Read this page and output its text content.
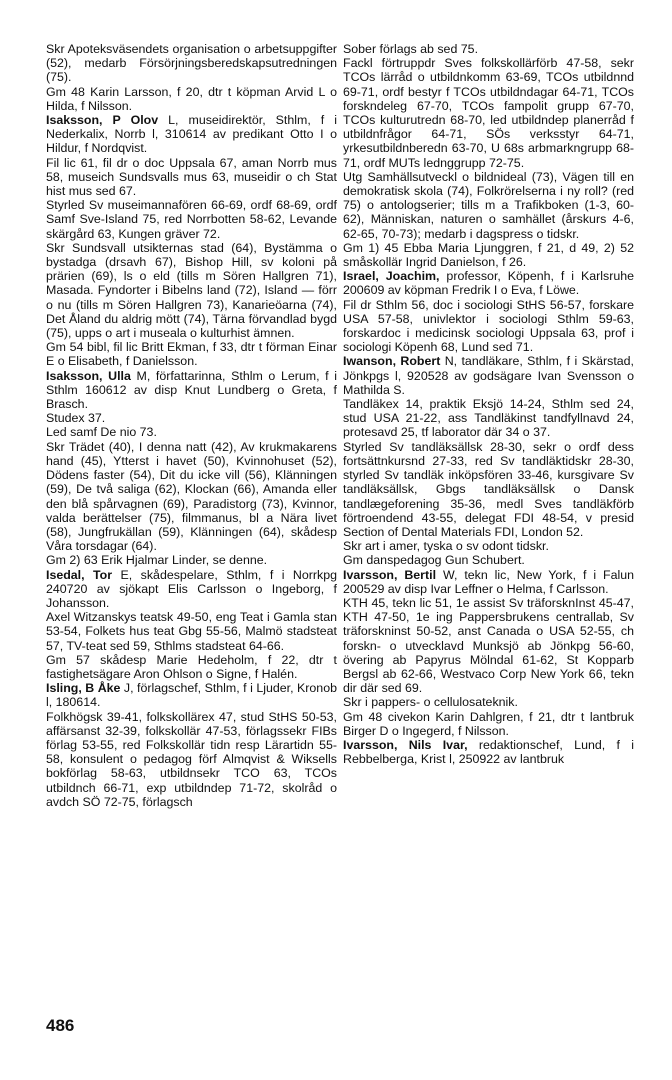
Skr Apoteksväsendets organisation o arbetsuppgifter (52), medarb Försörjningsberedskapsutredningen (75).

Gm 48 Karin Larsson, f 20, dtr t köpman Arvid L o Hilda, f Nilsson.

Isaksson, P Olov L, museidirektör, Sthlm, f i Nederkalix, Norrb l, 310614 av predikant Otto I o Hildur, f Nordqvist.

Fil lic 61, fil dr o doc Uppsala 67, aman Norrb mus 58, museich Sundsvalls mus 63, museidir o ch Stat hist mus sed 67.

Styrled Sv museimannafören 66-69, ordf 68-69, ordf Samf Sve-Island 75, red Norrbotten 58-62, Levande skärgård 63, Kungen gräver 72.

Skr Sundsvall utsikternas stad (64), Bystämma o bystadga (drsavh 67), Bishop Hill, sv koloni på prärien (69), ls o eld (tills m Sören Hallgren 71), Masada. Fyndorter i Bibelns land (72), Island — förr o nu (tills m Sören Hallgren 73), Kanarieöarna (74), Det Åland du aldrig mött (74), Tärna förvandlad bygd (75), upps o art i museala o kulturhist ämnen.

Gm 54 bibl, fil lic Britt Ekman, f 33, dtr t förman Einar E o Elisabeth, f Danielsson.

Isaksson, Ulla M, författarinna, Sthlm o Lerum, f i Sthlm 160612 av disp Knut Lundberg o Greta, f Brasch.

Studex 37.

Led samf De nio 73.

Skr Trädet (40), I denna natt (42), Av krukmakarens hand (45), Ytterst i havet (50), Kvinnohuset (52), Dödens faster (54), Dit du icke vill (56), Klänningen (59), De två saliga (62), Klockan (66), Amanda eller den blå spårvagnen (69), Paradistorg (73), Kvinnor, valda berättelser (75), filmmanus, bl a Nära livet (58), Jungfrukällan (59), Klänningen (64), skådesp Våra torsdagar (64).

Gm 2) 63 Erik Hjalmar Linder, se denne.

Isedal, Tor E, skådespelare, Sthlm, f i Norrkpg 240720 av sjökapt Elis Carlsson o Ingeborg, f Johansson.

Axel Witzanskys teatsk 49-50, eng Teat i Gamla stan 53-54, Folkets hus teat Gbg 55-56, Malmö stadsteat 57, TV-teat sed 59, Sthlms stadsteat 64-66.

Gm 57 skådesp Marie Hedeholm, f 22, dtr t fastighetsägare Aron Ohlson o Signe, f Halén.

Isling, B Åke J, förlagschef, Sthlm, f i Ljuder, Kronob l, 180614.

Folkhögsk 39-41, folkskollärex 47, stud StHS 50-53, affärsanst 32-39, folkskollär 47-53, förlagssekr FIBs förlag 53-55, red Folkskollär tidn resp Lärartidn 55-58, konsulent o pedagog förf Almqvist & Wiksells bokförlag 58-63, utbildnsekr TCO 63, TCOs utbildnch 66-71, exp utbildndep 71-72, skolråd o avdch SÖ 72-75, förlagsch

Sober förlags ab sed 75.

Fackl förtruppdr Sves folkskollärförb 47-58, sekr TCOs lärråd o utbildnkomm 63-69, TCOs utbildnnd 69-71, ordf bestyr f TCOs utbildndagar 64-71, TCOs forskndeleg 67-70, TCOs fampolit grupp 67-70, TCOs kulturutredn 68-70, led utbildndep planerråd f utbildnfrågor 64-71, SÖs verksstyr 64-71, yrkesutbildnberedn 63-70, U 68s arbmarkngrupp 68-71, ordf MUTs lednggrupp 72-75.

Utg Samhällsutveckl o bildnideal (73), Vägen till en demokratisk skola (74), Folkrörelserna i ny roll? (red 75) o antologserier; tills m a Trafikboken (1-3, 60-62), Människan, naturen o samhället (årskurs 4-6, 62-65, 70-73); medarb i dagspress o tidskr.

Gm 1) 45 Ebba Maria Ljunggren, f 21, d 49, 2) 52 småskollär Ingrid Danielson, f 26.

Israel, Joachim, professor, Köpenh, f i Karlsruhe 200609 av köpman Fredrik I o Eva, f Löwe.

Fil dr Sthlm 56, doc i sociologi StHS 56-57, forskare USA 57-58, univlektor i sociologi Sthlm 59-63, forskardoc i medicinsk sociologi Uppsala 63, prof i sociologi Köpenh 68, Lund sed 71.

Iwanson, Robert N, tandläkare, Sthlm, f i Skärstad, Jönkpgs l, 920528 av godsägare Ivan Svensson o Mathilda S.

Tandläkex 14, praktik Eksjö 14-24, Sthlm sed 24, stud USA 21-22, ass Tandläkinst tandfyllnavd 24, protesavd 25, tf laborator där 34 o 37.

Styrled Sv tandläksällsk 28-30, sekr o ordf dess fortsättnkursnd 27-33, red Sv tandläktidskr 28-30, styrled Sv tandläk inköpsfören 33-46, kursgivare Sv tandläksällsk, Gbgs tandläksällsk o Dansk tandlægeforening 35-36, medl Sves tandläkförb förtroendend 43-55, delegat FDI 48-54, v presid Section of Dental Materials FDI, London 52.

Skr art i amer, tyska o sv odont tidskr.

Gm danspedagog Gun Schubert.

Ivarsson, Bertil W, tekn lic, New York, f i Falun 200529 av disp Ivar Leffner o Helma, f Carlsson.

KTH 45, tekn lic 51, 1e assist Sv träforsknInst 45-47, KTH 47-50, 1e ing Pappersbrukens centrallab, Sv träforskninst 50-52, anst Canada o USA 52-55, ch forskn- o utvecklavd Munksjö ab Jönkpg 56-60, övering ab Papyrus Mölndal 61-62, St Kopparb Bergsl ab 62-66, Westvaco Corp New York 66, tekn dir där sed 69.

Skr i pappers- o cellulosateknik.

Gm 48 civekon Karin Dahlgren, f 21, dtr t lantbruk Birger D o Ingegerd, f Nilsson.

Ivarsson, Nils Ivar, redaktionschef, Lund, f i Rebbelberga, Krist l, 250922 av lantbruk

486
